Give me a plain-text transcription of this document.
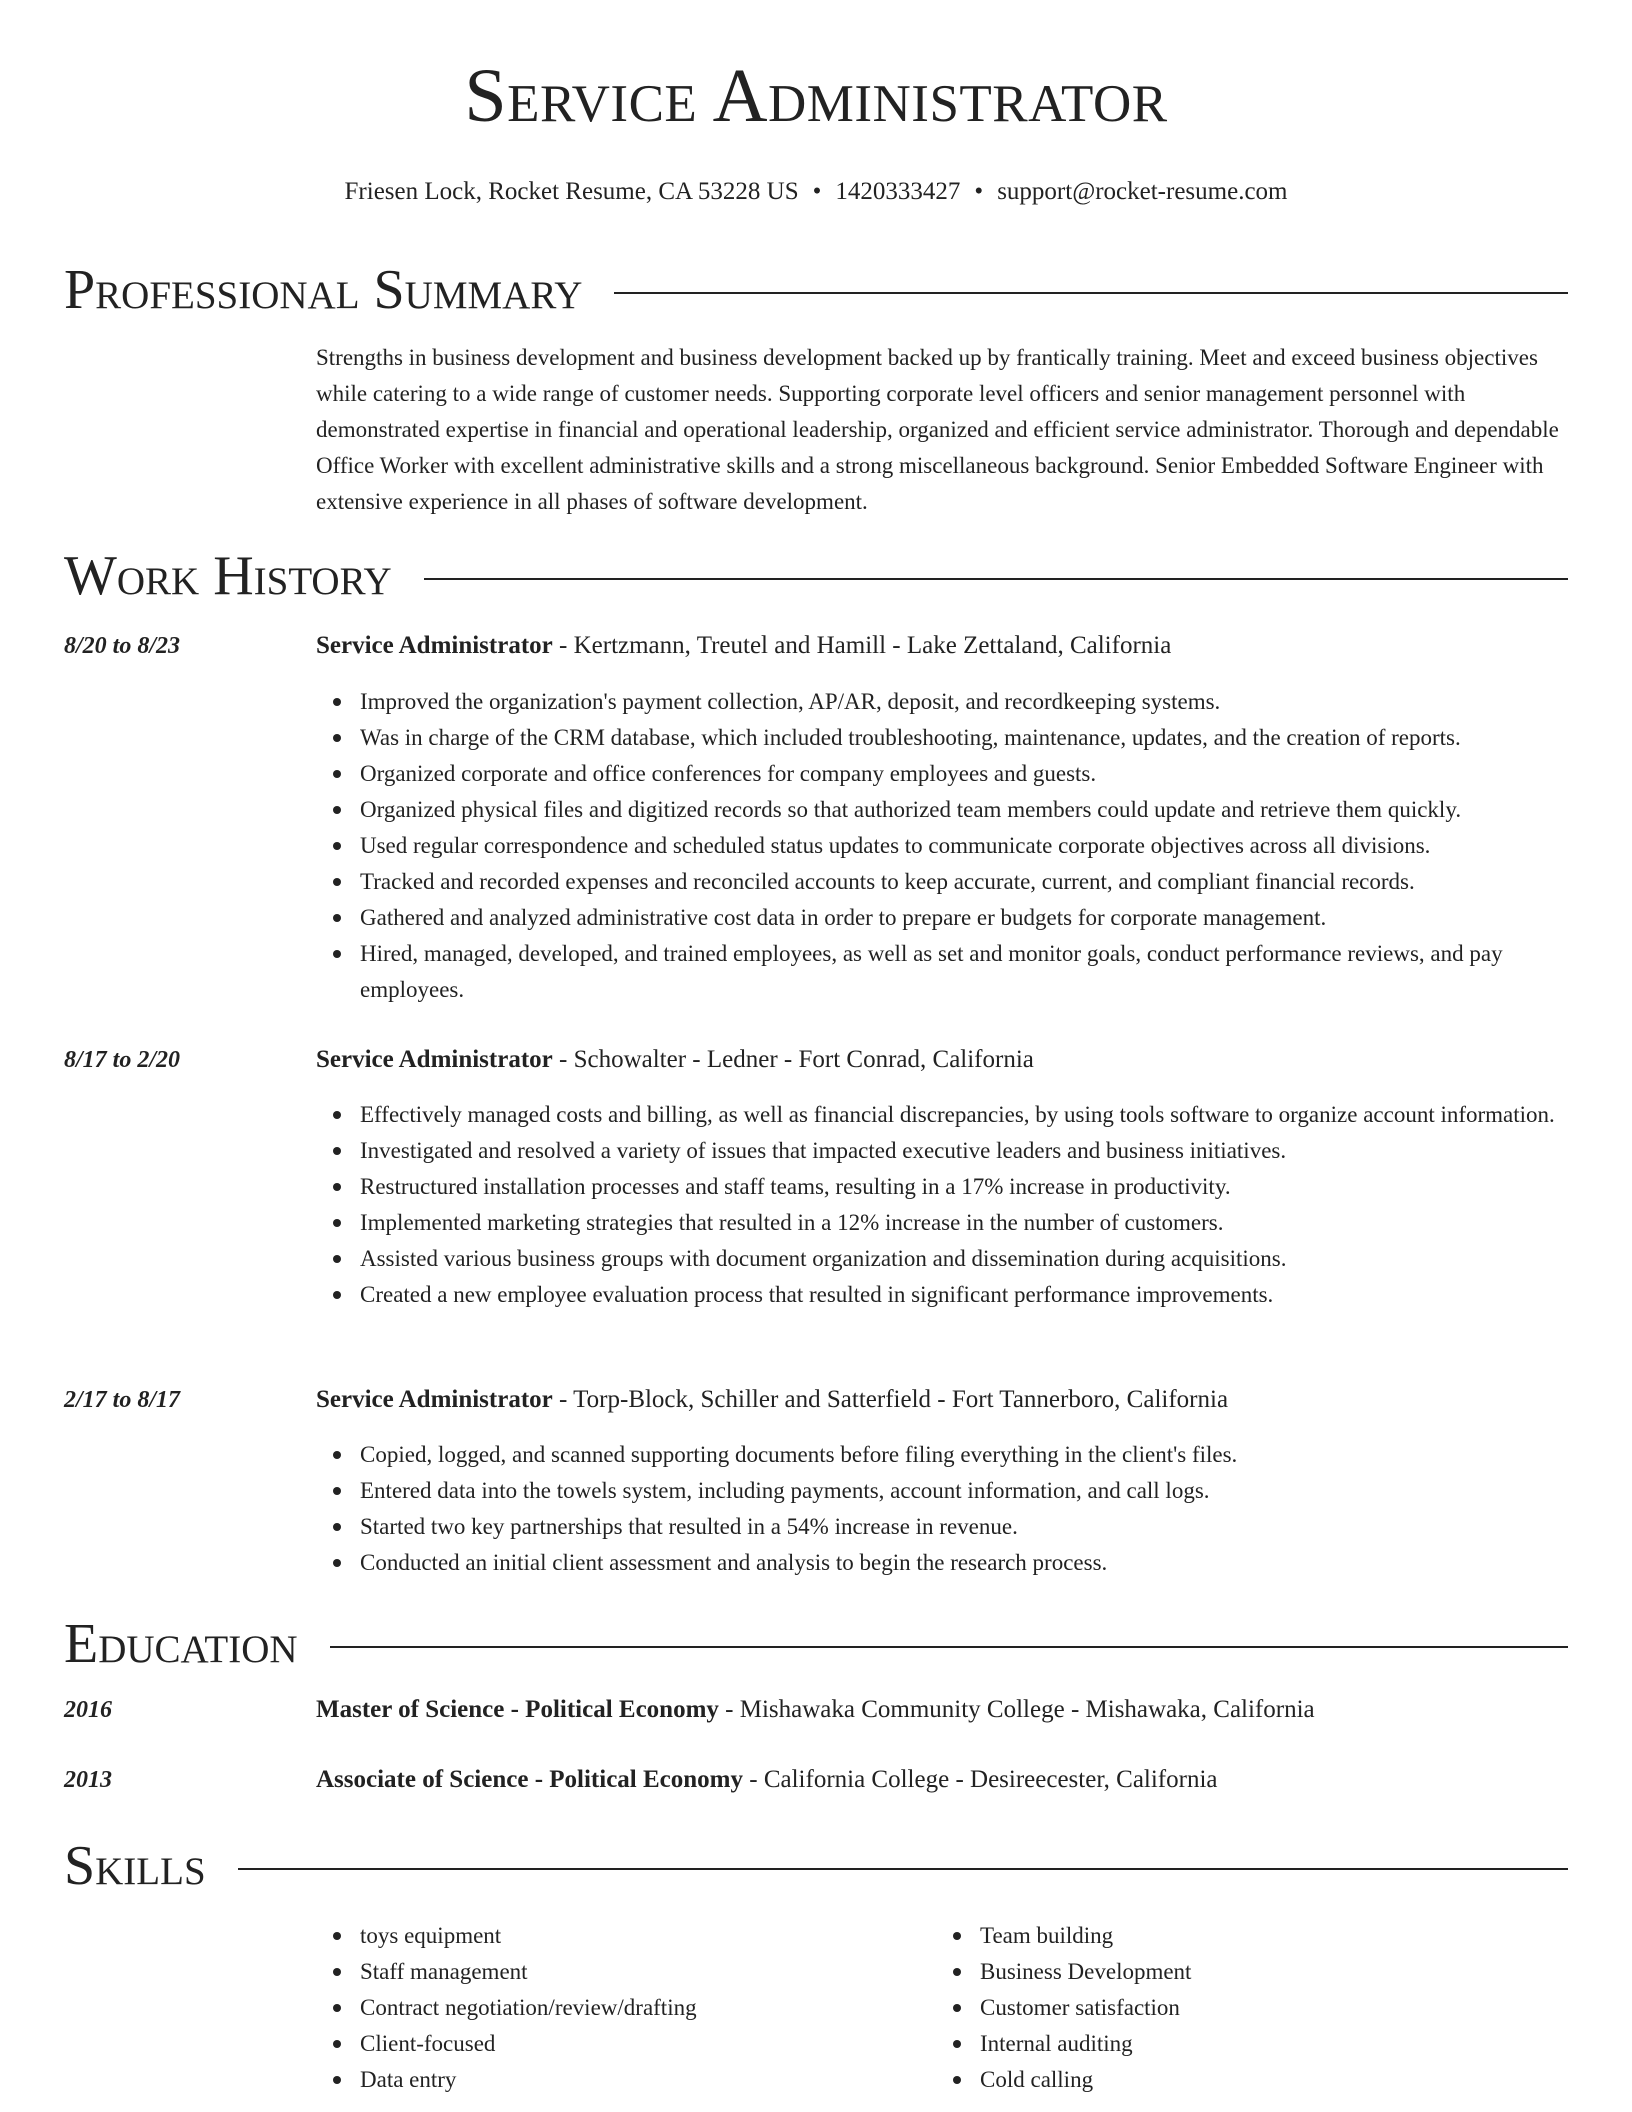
Service Administrator
Friesen Lock, Rocket Resume, CA 53228 US • 1420333427 • support@rocket-resume.com
Professional Summary

Strengths in business development and business development backed up by frantically training. Meet and exceed business objectives while catering to a wide range of customer needs. Supporting corporate level officers and senior management personnel with demonstrated expertise in financial and operational leadership, organized and efficient service administrator. Thorough and dependable Office Worker with excellent administrative skills and a strong miscellaneous background. Senior Embedded Software Engineer with extensive experience in all phases of software development.

Work History
8/20 to 8/23	Service Administrator - Kertzmann, Treutel and Hamill - Lake Zettaland, California
Improved the organization's payment collection, AP/AR, deposit, and recordkeeping systems.
Was in charge of the CRM database, which included troubleshooting, maintenance, updates, and the creation of reports.
Organized corporate and office conferences for company employees and guests.
Organized physical files and digitized records so that authorized team members could update and retrieve them quickly.
Used regular correspondence and scheduled status updates to communicate corporate objectives across all divisions.
Tracked and recorded expenses and reconciled accounts to keep accurate, current, and compliant financial records.
Gathered and analyzed administrative cost data in order to prepare er budgets for corporate management.
Hired, managed, developed, and trained employees, as well as set and monitor goals, conduct performance reviews, and pay employees.
8/17 to 2/20	Service Administrator - Schowalter - Ledner - Fort Conrad, California
Effectively managed costs and billing, as well as financial discrepancies, by using tools software to organize account information.
Investigated and resolved a variety of issues that impacted executive leaders and business initiatives.
Restructured installation processes and staff teams, resulting in a 17% increase in productivity.
Implemented marketing strategies that resulted in a 12% increase in the number of customers.
Assisted various business groups with document organization and dissemination during acquisitions.
Created a new employee evaluation process that resulted in significant performance improvements.
2/17 to 8/17	Service Administrator - Torp-Block, Schiller and Satterfield - Fort Tannerboro, California
Copied, logged, and scanned supporting documents before filing everything in the client's files.
Entered data into the towels system, including payments, account information, and call logs.
Started two key partnerships that resulted in a 54% increase in revenue.
Conducted an initial client assessment and analysis to begin the research process.
Education
2016	Master of Science - Political Economy - Mishawaka Community College - Mishawaka, California
2013	Associate of Science - Political Economy - California College - Desireecester, California
Skills
toys equipment
Staff management
Contract negotiation/review/drafting
Client-focused
Data entry
Team building
Business Development
Customer satisfaction
Internal auditing
Cold calling
